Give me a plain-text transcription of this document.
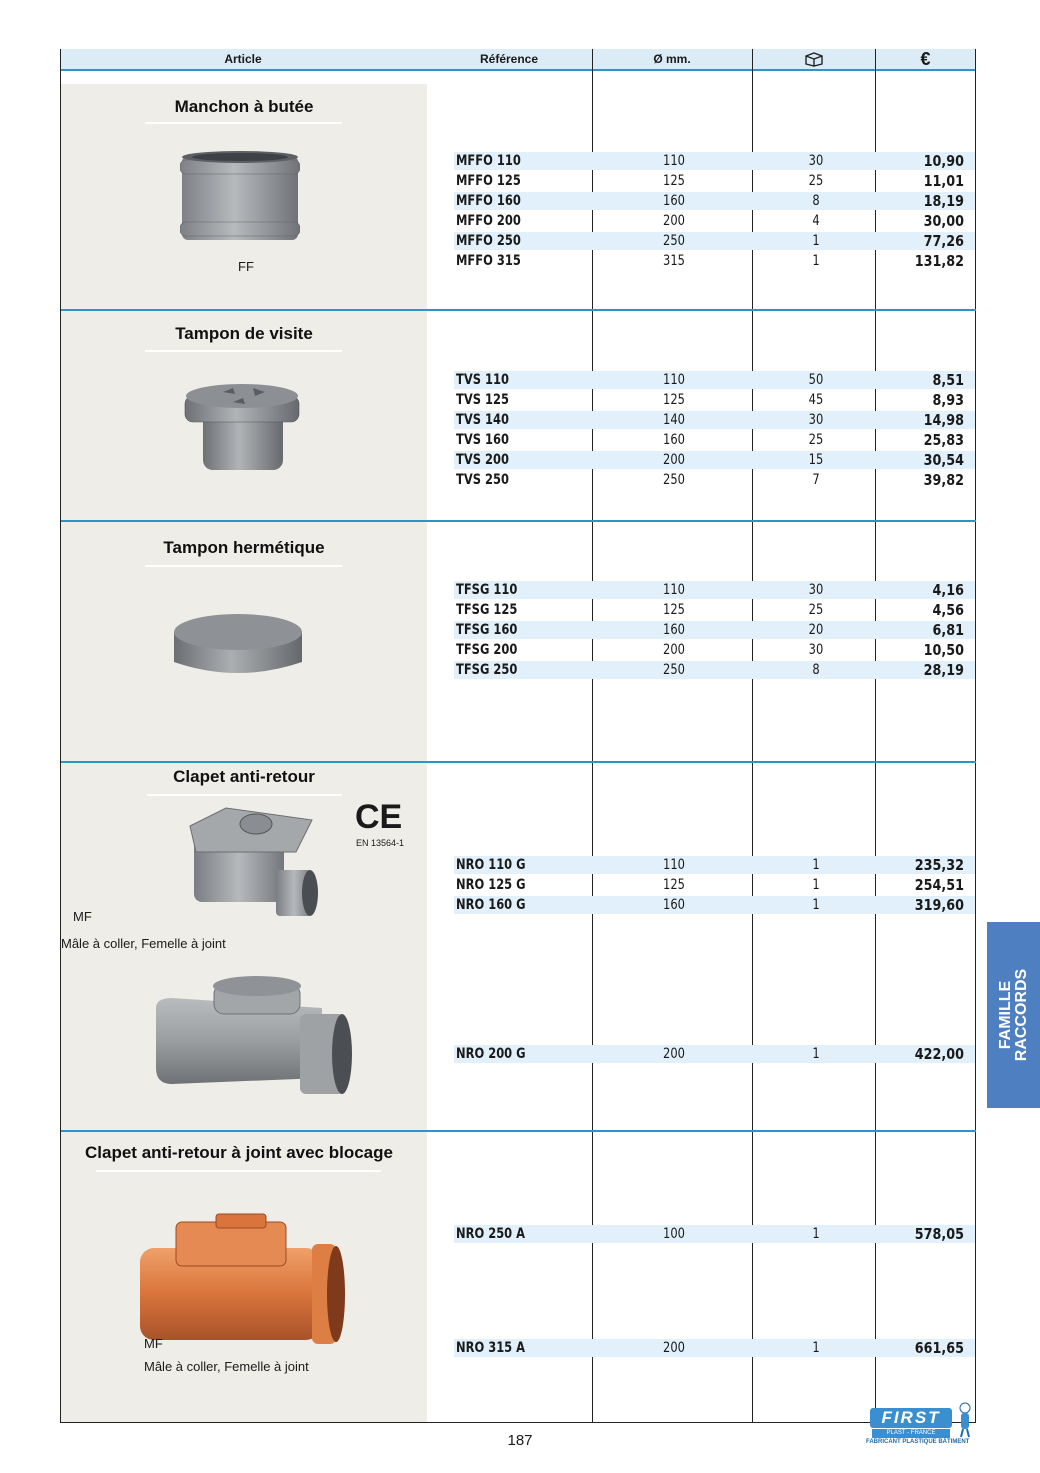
Article	Référence	Ø mm.	€
Manchon à butée
FF
MFFO 110	110	30	10,90
MFFO 125	125	25	11,01
MFFO 160	160	8	18,19
MFFO 200	200	4	30,00
MFFO 250	250	1	77,26
MFFO 315	315	1	131,82
Tampon de visite
TVS 110	110	50	8,51
TVS 125	125	45	8,93
TVS 140	140	30	14,98
TVS 160	160	25	25,83
TVS 200	200	15	30,54
TVS 250	250	7	39,82
Tampon hermétique
TFSG 110	110	30	4,16
TFSG 125	125	25	4,56
TFSG 160	160	20	6,81
TFSG 200	200	30	10,50
TFSG 250	250	8	28,19
Clapet anti-retour
CE
EN 13564-1
MF
Mâle à coller, Femelle à joint
NRO 110 G	110	1	235,32
NRO 125 G	125	1	254,51
NRO 160 G	160	1	319,60
NRO 200 G	200	1	422,00
Clapet anti-retour à joint avec blocage
MF
Mâle à coller, Femelle à joint
NRO 250 A	100	1	578,05
NRO 315 A	200	1	661,65
FAMILLE RACCORDS
187
FIRST
PLAST - FRANCE
FABRICANT PLASTIQUE BÂTIMENT
